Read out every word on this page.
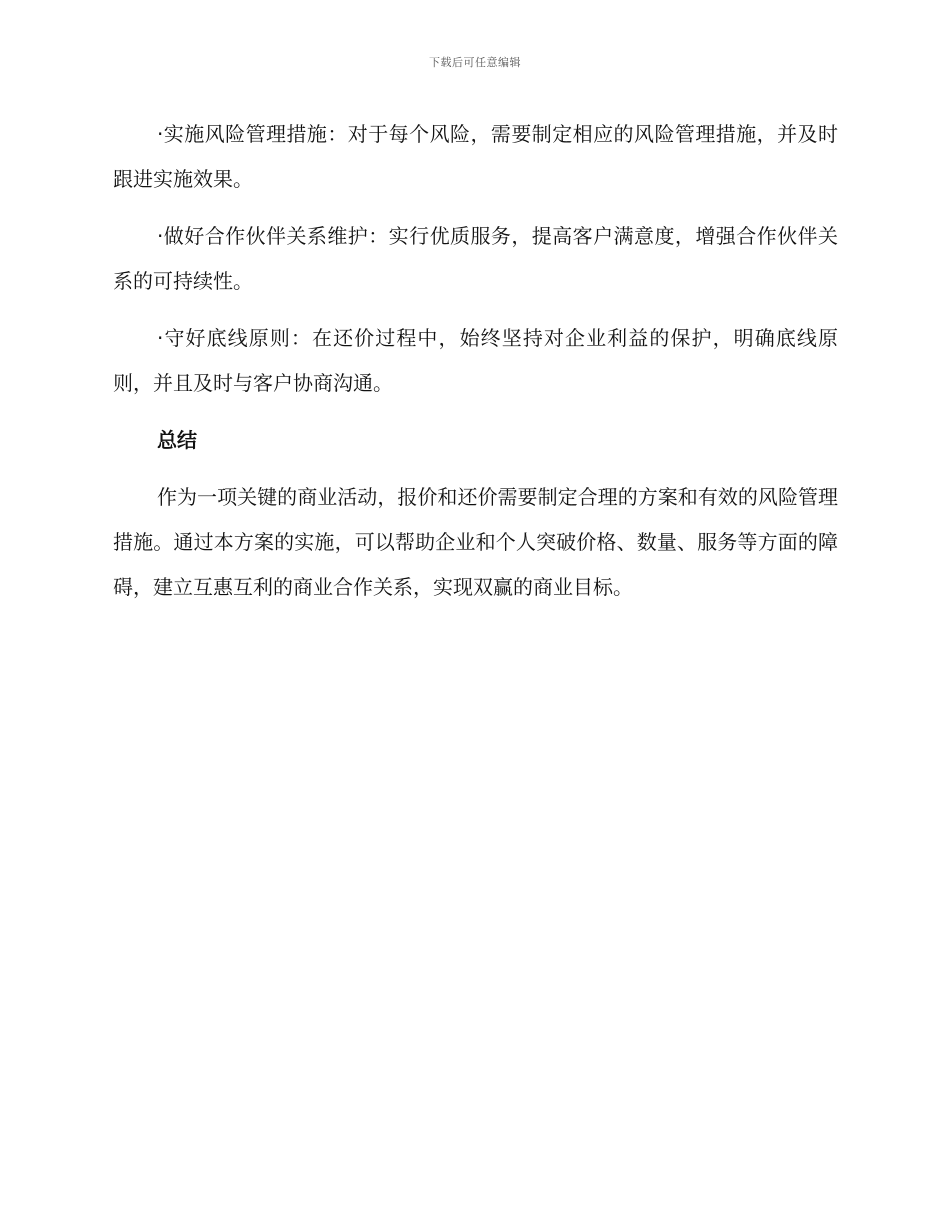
下载后可任意编辑

·实施风险管理措施：对于每个风险，需要制定相应的风险管理措施，并及时跟进实施效果。

·做好合作伙伴关系维护：实行优质服务，提高客户满意度，增强合作伙伴关系的可持续性。

·守好底线原则：在还价过程中，始终坚持对企业利益的保护，明确底线原则，并且及时与客户协商沟通。

总结

作为一项关键的商业活动，报价和还价需要制定合理的方案和有效的风险管理措施。通过本方案的实施，可以帮助企业和个人突破价格、数量、服务等方面的障碍，建立互惠互利的商业合作关系，实现双赢的商业目标。
